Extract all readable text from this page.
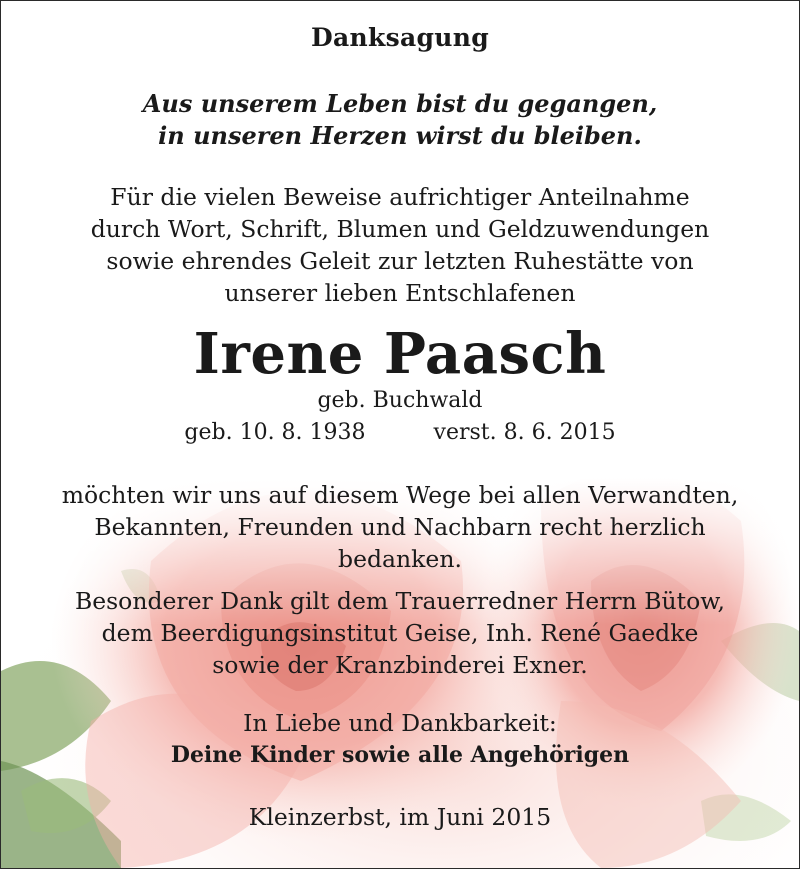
Danksagung
Aus unserem Leben bist du gegangen,
in unseren Herzen wirst du bleiben.
Für die vielen Beweise aufrichtiger Anteilnahme
durch Wort, Schrift, Blumen und Geldzuwendungen
sowie ehrendes Geleit zur letzten Ruhestätte von
unserer lieben Entschlafenen
Irene Paasch
geb. Buchwald
geb. 10. 8. 1938	verst. 8. 6. 2015
möchten wir uns auf diesem Wege bei allen Verwandten,
Bekannten, Freunden und Nachbarn recht herzlich
bedanken.
Besonderer Dank gilt dem Trauerredner Herrn Bütow,
dem Beerdigungsinstitut Geise, Inh. René Gaedke
sowie der Kranzbinderei Exner.
In Liebe und Dankbarkeit:
Deine Kinder sowie alle Angehörigen
Kleinzerbst, im Juni 2015
